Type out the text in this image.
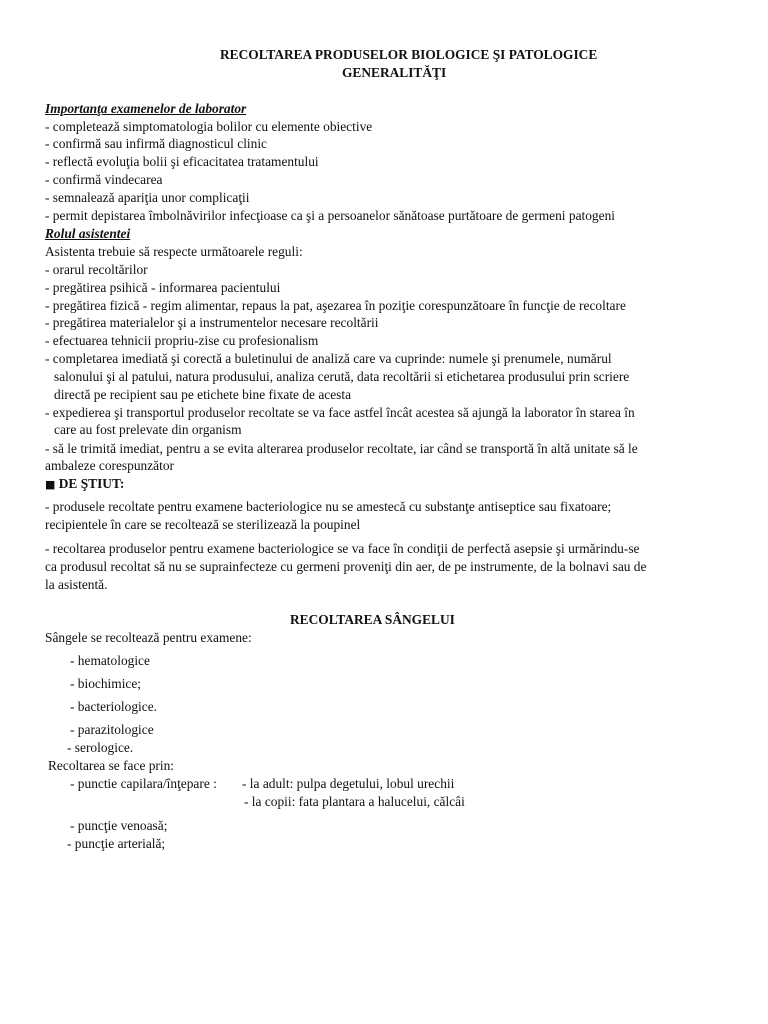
RECOLTAREA PRODUSELOR BIOLOGICE ŞI PATOLOGICE
GENERALITĂŢI
Importanţa examenelor de laborator
- completează simptomatologia bolilor cu elemente obiective
- confirmă sau infirmă diagnosticul clinic
- reflectă evoluţia bolii şi eficacitatea tratamentului
- confirmă vindecarea
- semnalează apariţia unor complicaţii
- permit depistarea îmbolnăvirilor infecţioase ca şi a persoanelor sănătoase purtătoare de germeni patogeni
Rolul asistentei
Asistenta trebuie să respecte următoarele reguli:
- orarul recoltărilor
- pregătirea psihică - informarea pacientului
- pregătirea fizică - regim alimentar, repaus la pat, aşezarea în poziţie corespunzătoare în funcţie de recoltare
- pregătirea materialelor şi a instrumentelor necesare recoltării
- efectuarea tehnicii propriu-zise cu profesionalism
- completarea imediată şi corectă a buletinului de analiză care va cuprinde: numele şi prenumele, numărul
salonului şi al patului, natura produsului, analiza cerută, data recoltării si etichetarea produsului prin scriere
directă pe recipient sau pe etichete bine fixate de acesta
- expedierea şi transportul produselor recoltate se va face astfel încât acestea să ajungă la laborator în starea în
care au fost prelevate din organism
- să le trimită imediat, pentru a se evita alterarea produselor recoltate, iar când se transportă în altă unitate să le
ambaleze corespunzător
■ DE ŞTIUT:
- produsele recoltate pentru examene bacteriologice nu se amestecă cu substanţe antiseptice sau fixatoare;
recipientele în care se recoltează se sterilizează la poupinel
- recoltarea produselor pentru examene bacteriologice se va face în condiţii de perfectă asepsie şi urmărindu-se
ca produsul recoltat să nu se suprainfecteze cu germeni proveniţi din aer, de pe instrumente, de la bolnavi sau de
la asistentă.
RECOLTAREA SÂNGELUI
Sângele se recoltează pentru examene:
- hematologice
- biochimice;
- bacteriologice.
- parazitologice
- serologice.
Recoltarea se face prin:
- punctie capilara/înţepare : - la adult: pulpa degetului, lobul urechii
- la copii: fata plantara a halucelui, călcâi
- puncţie venoasă;
- puncţie arterială;
